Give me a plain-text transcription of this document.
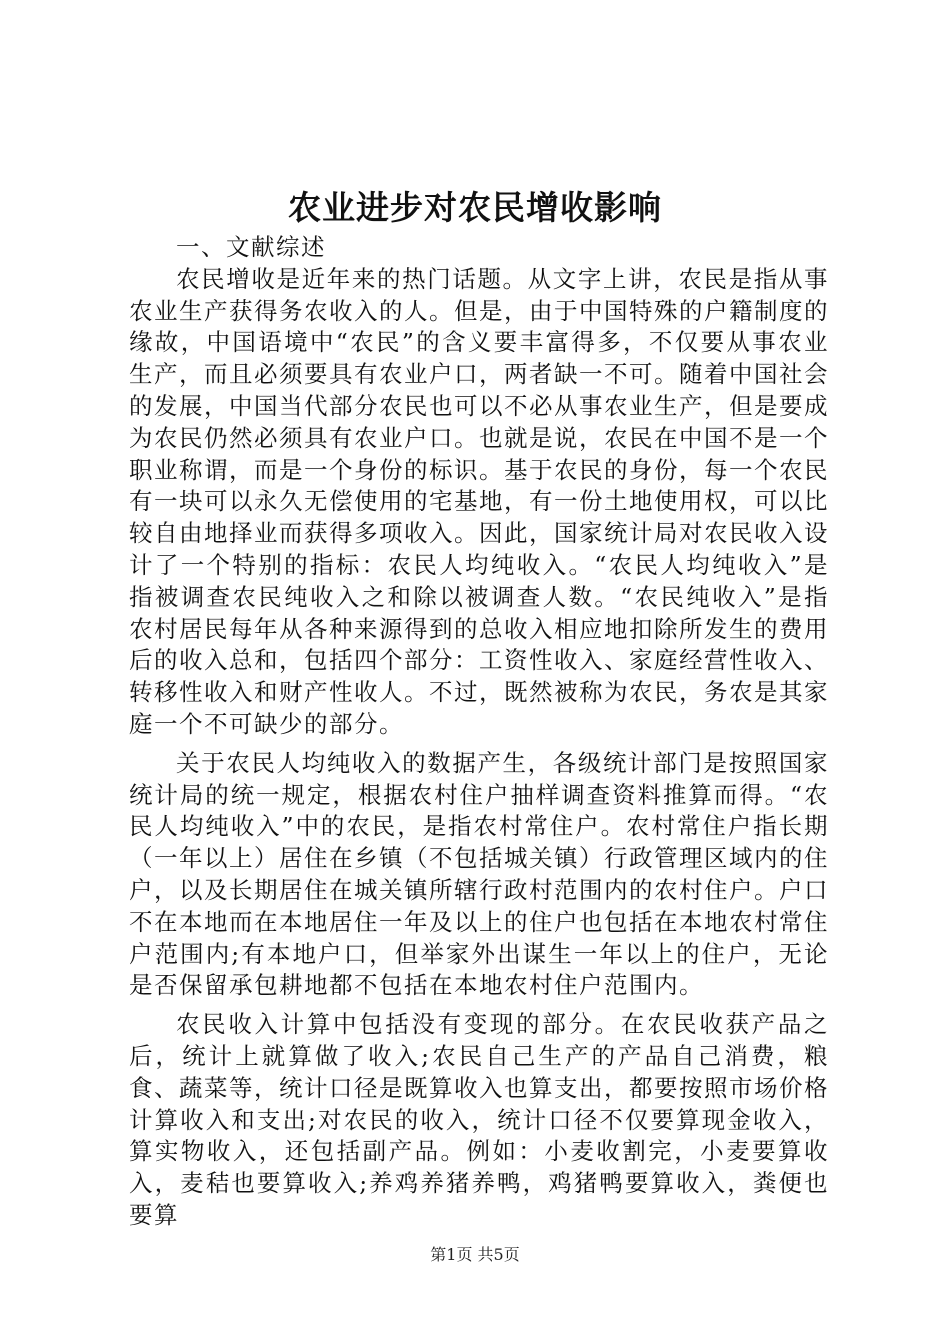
农业进步对农民增收影响

一、文献综述

农民增收是近年来的热门话题。从文字上讲，农民是指从事农业生产获得务农收入的人。但是，由于中国特殊的户籍制度的缘故，中国语境中“农民”的含义要丰富得多，不仅要从事农业生产，而且必须要具有农业户口，两者缺一不可。随着中国社会的发展，中国当代部分农民也可以不必从事农业生产，但是要成为农民仍然必须具有农业户口。也就是说，农民在中国不是一个职业称谓，而是一个身份的标识。基于农民的身份，每一个农民有一块可以永久无偿使用的宅基地，有一份土地使用权，可以比较自由地择业而获得多项收入。因此，国家统计局对农民收入设计了一个特别的指标：农民人均纯收入。“农民人均纯收入”是指被调查农民纯收入之和除以被调查人数。“农民纯收入”是指农村居民每年从各种来源得到的总收入相应地扣除所发生的费用后的收入总和，包括四个部分：工资性收入、家庭经营性收入、转移性收入和财产性收人。不过，既然被称为农民，务农是其家庭一个不可缺少的部分。

关于农民人均纯收入的数据产生，各级统计部门是按照国家统计局的统一规定，根据农村住户抽样调查资料推算而得。“农民人均纯收入”中的农民，是指农村常住户。农村常住户指长期（一年以上）居住在乡镇（不包括城关镇）行政管理区域内的住户，以及长期居住在城关镇所辖行政村范围内的农村住户。户口不在本地而在本地居住一年及以上的住户也包括在本地农村常住户范围内;有本地户口，但举家外出谋生一年以上的住户，无论是否保留承包耕地都不包括在本地农村住户范围内。

农民收入计算中包括没有变现的部分。在农民收获产品之后，统计上就算做了收入;农民自己生产的产品自己消费，粮食、蔬菜等，统计口径是既算收入也算支出，都要按照市场价格计算收入和支出;对农民的收入，统计口径不仅要算现金收入，算实物收入，还包括副产品。例如：小麦收割完，小麦要算收入，麦秸也要算收入;养鸡养猪养鸭，鸡猪鸭要算收入，粪便也要算

第1页 共5页
